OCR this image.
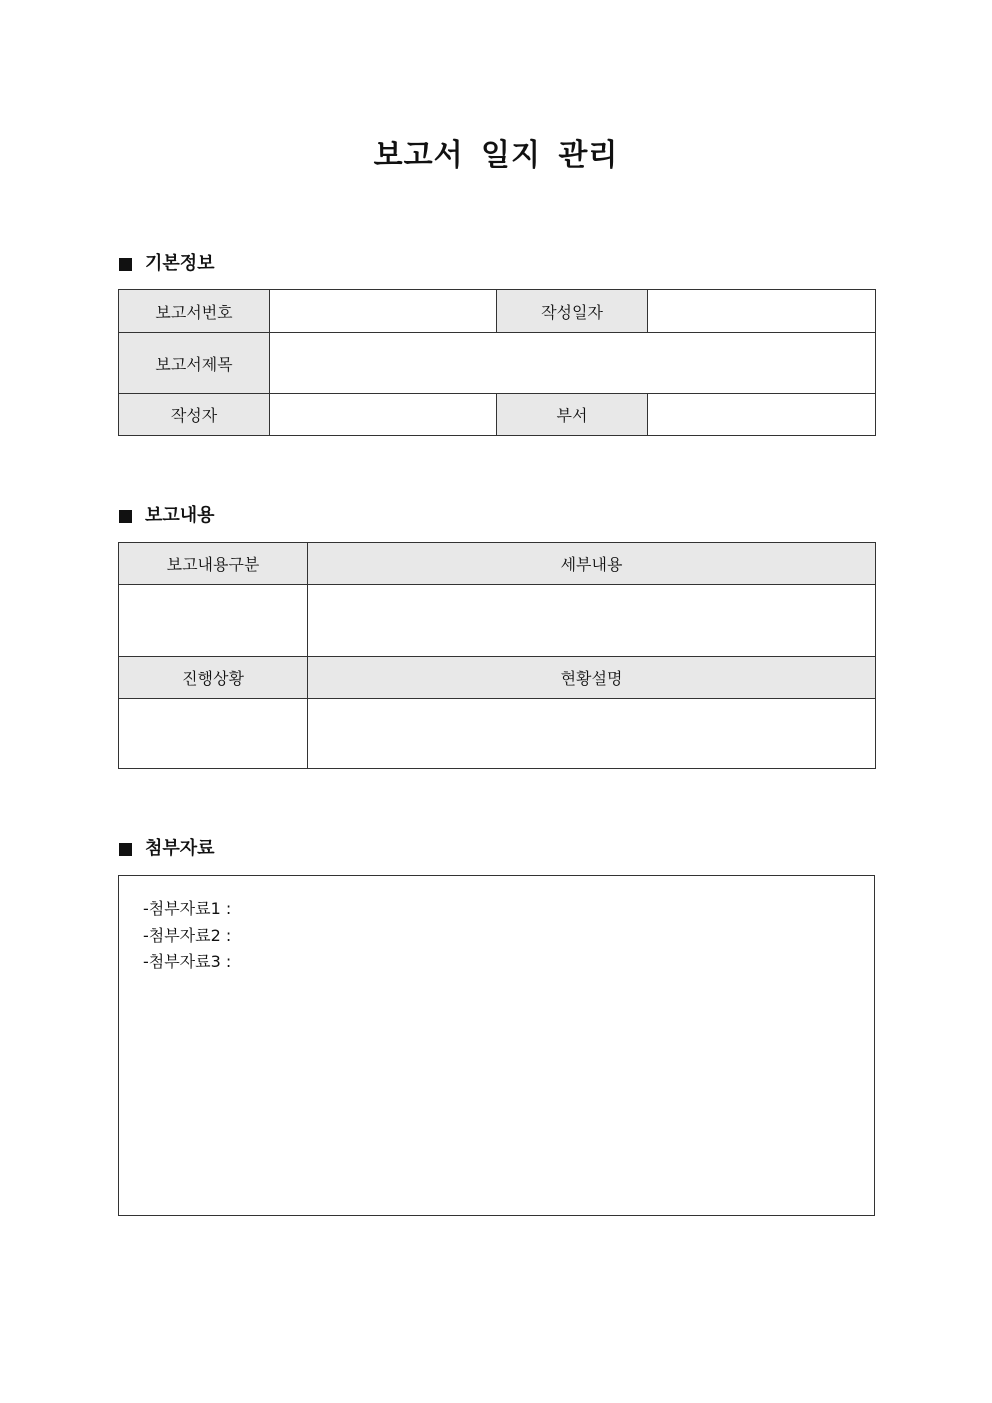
보고서 일지 관리
기본정보
보고서번호		작성일자	
보고서제목			
작성자		부서	
보고내용
보고내용구분	세부내용

진행상황	현황설명

첨부자료
-첨부자료1 :
-첨부자료2 :
-첨부자료3 :
